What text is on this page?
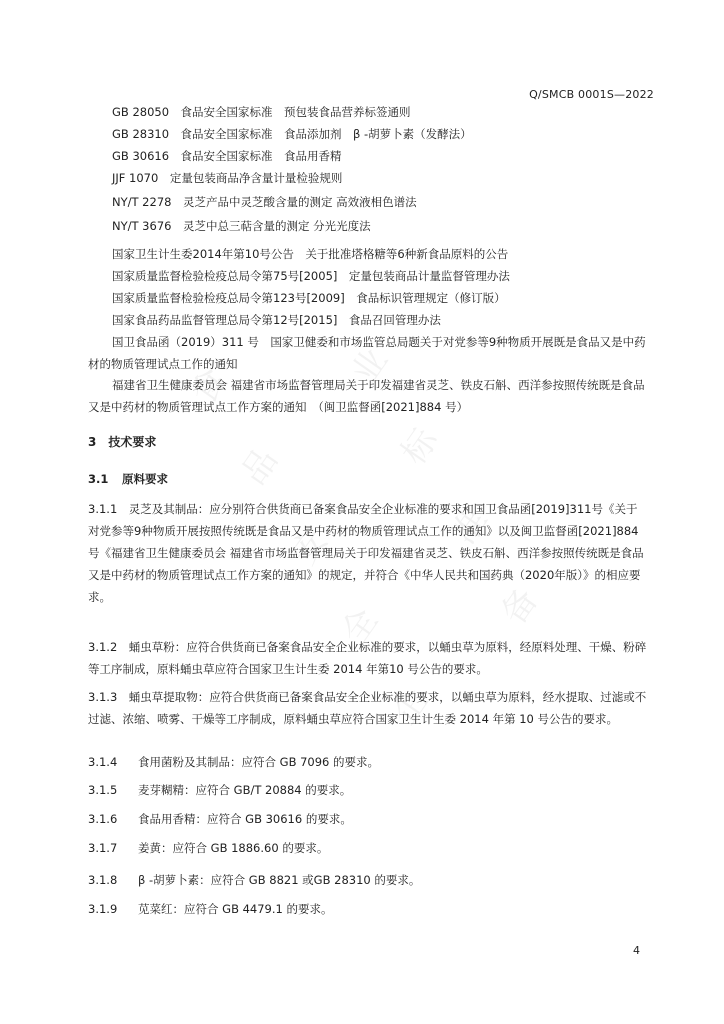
食
品
安
全
企
业
标
准
备
Q/SMCB 0001S—2022
GB 28050　食品安全国家标准　预包装食品营养标签通则
GB 28310　食品安全国家标准　食品添加剂　β -胡萝卜素（发酵法）
GB 30616　食品安全国家标准　食品用香精
JJF 1070　定量包装商品净含量计量检验规则
NY/T 2278　灵芝产品中灵芝酸含量的测定 高效液相色谱法
NY/T 3676　灵芝中总三萜含量的测定 分光光度法
国家卫生计生委2014年第10号公告　关于批准塔格糖等6种新食品原料的公告
国家质量监督检验检疫总局令第75号[2005]　定量包装商品计量监督管理办法
国家质量监督检验检疫总局令第123号[2009]　食品标识管理规定（修订版）
国家食品药品监督管理总局令第12号[2015]　食品召回管理办法
国卫食品函（2019）311 号　国家卫健委和市场监管总局题关于对党参等9种物质开展既是食品又是中药材的物质管理试点工作的通知
福建省卫生健康委员会 福建省市场监督管理局关于印发福建省灵芝、铁皮石斛、西洋参按照传统既是食品又是中药材的物质管理试点工作方案的通知　（闽卫监督函[2021]884 号）
3　技术要求
3.1 原料要求
3.1.1　灵芝及其制品：应分别符合供货商已备案食品安全企业标准的要求和国卫食品函[2019]311号《关于对党参等9种物质开展按照传统既是食品又是中药材的物质管理试点工作的通知》以及闽卫监督函[2021]884 号《福建省卫生健康委员会 福建省市场监督管理局关于印发福建省灵芝、铁皮石斛、西洋参按照传统既是食品又是中药材的物质管理试点工作方案的通知》的规定，并符合《中华人民共和国药典（2020年版）》的相应要求。
3.1.2　蛹虫草粉：应符合供货商已备案食品安全企业标准的要求，以蛹虫草为原料，经原料处理、干燥、粉碎等工序制成，原料蛹虫草应符合国家卫生计生委 2014 年第10 号公告的要求。
3.1.3　蛹虫草提取物：应符合供货商已备案食品安全企业标准的要求，以蛹虫草为原料，经水提取、过滤或不过滤、浓缩、喷雾、干燥等工序制成，原料蛹虫草应符合国家卫生计生委 2014 年第 10 号公告的要求。
3.1.4 食用菌粉及其制品：应符合 GB 7096 的要求。
3.1.5 麦芽糊精：应符合 GB/T 20884 的要求。
3.1.6 食品用香精：应符合 GB 30616 的要求。
3.1.7 姜黄：应符合 GB 1886.60 的要求。
3.1.8 β -胡萝卜素：应符合 GB 8821 或GB 28310 的要求。
3.1.9 苋菜红：应符合 GB 4479.1 的要求。
4
